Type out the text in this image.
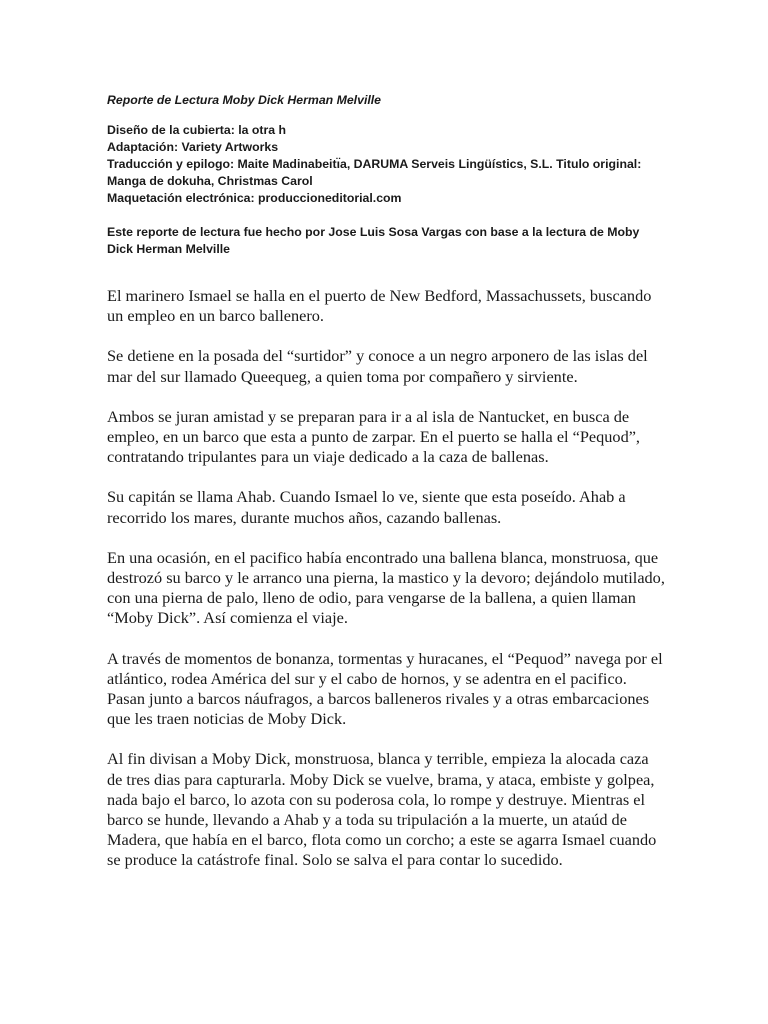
Reporte de Lectura Moby Dick Herman Melville
Diseño de la cubierta: la otra h
Adaptación: Variety Artworks
Traducción y epilogo: Maite Madinabeitı̈a, DARUMA Serveis Lingüístics, S.L. Titulo original: Manga de dokuha, Christmas Carol
Maquetación electrónica: produccioneditorial.com
Este reporte de lectura fue hecho por Jose Luis Sosa Vargas con base a la lectura de Moby Dick Herman Melville

El marinero Ismael se halla en el puerto de New Bedford, Massachussets, buscando un empleo en un barco ballenero.

Se detiene en la posada del “surtidor” y conoce a un negro arponero de las islas del mar del sur llamado Queequeg, a quien toma por compañero y sirviente.

Ambos se juran amistad y se preparan para ir a al isla de Nantucket, en busca de empleo, en un barco que esta a punto de zarpar. En el puerto se halla el “Pequod”, contratando tripulantes para un viaje dedicado a la caza de ballenas.

Su capitán se llama Ahab. Cuando Ismael lo ve, siente que esta poseído. Ahab a recorrido los mares, durante muchos años, cazando ballenas.

En una ocasión, en el pacifico había encontrado una ballena blanca, monstruosa, que destrozó su barco y le arranco una pierna, la mastico y la devoro; dejándolo mutilado, con una pierna de palo, lleno de odio, para vengarse de la ballena, a quien llaman “Moby Dick”. Así comienza el viaje.

A través de momentos de bonanza, tormentas y huracanes, el “Pequod” navega por el atlántico, rodea América del sur y el cabo de hornos, y se adentra en el pacifico. Pasan junto a barcos náufragos, a barcos balleneros rivales y a otras embarcaciones que les traen noticias de Moby Dick.

Al fin divisan a Moby Dick, monstruosa, blanca y terrible, empieza la alocada caza de tres dias para capturarla. Moby Dick se vuelve, brama, y ataca, embiste y golpea, nada bajo el barco, lo azota con su poderosa cola, lo rompe y destruye. Mientras el barco se hunde, llevando a Ahab y a toda su tripulación a la muerte, un ataúd de Madera, que había en el barco, flota como un corcho; a este se agarra Ismael cuando se produce la catástrofe final. Solo se salva el para contar lo sucedido.
